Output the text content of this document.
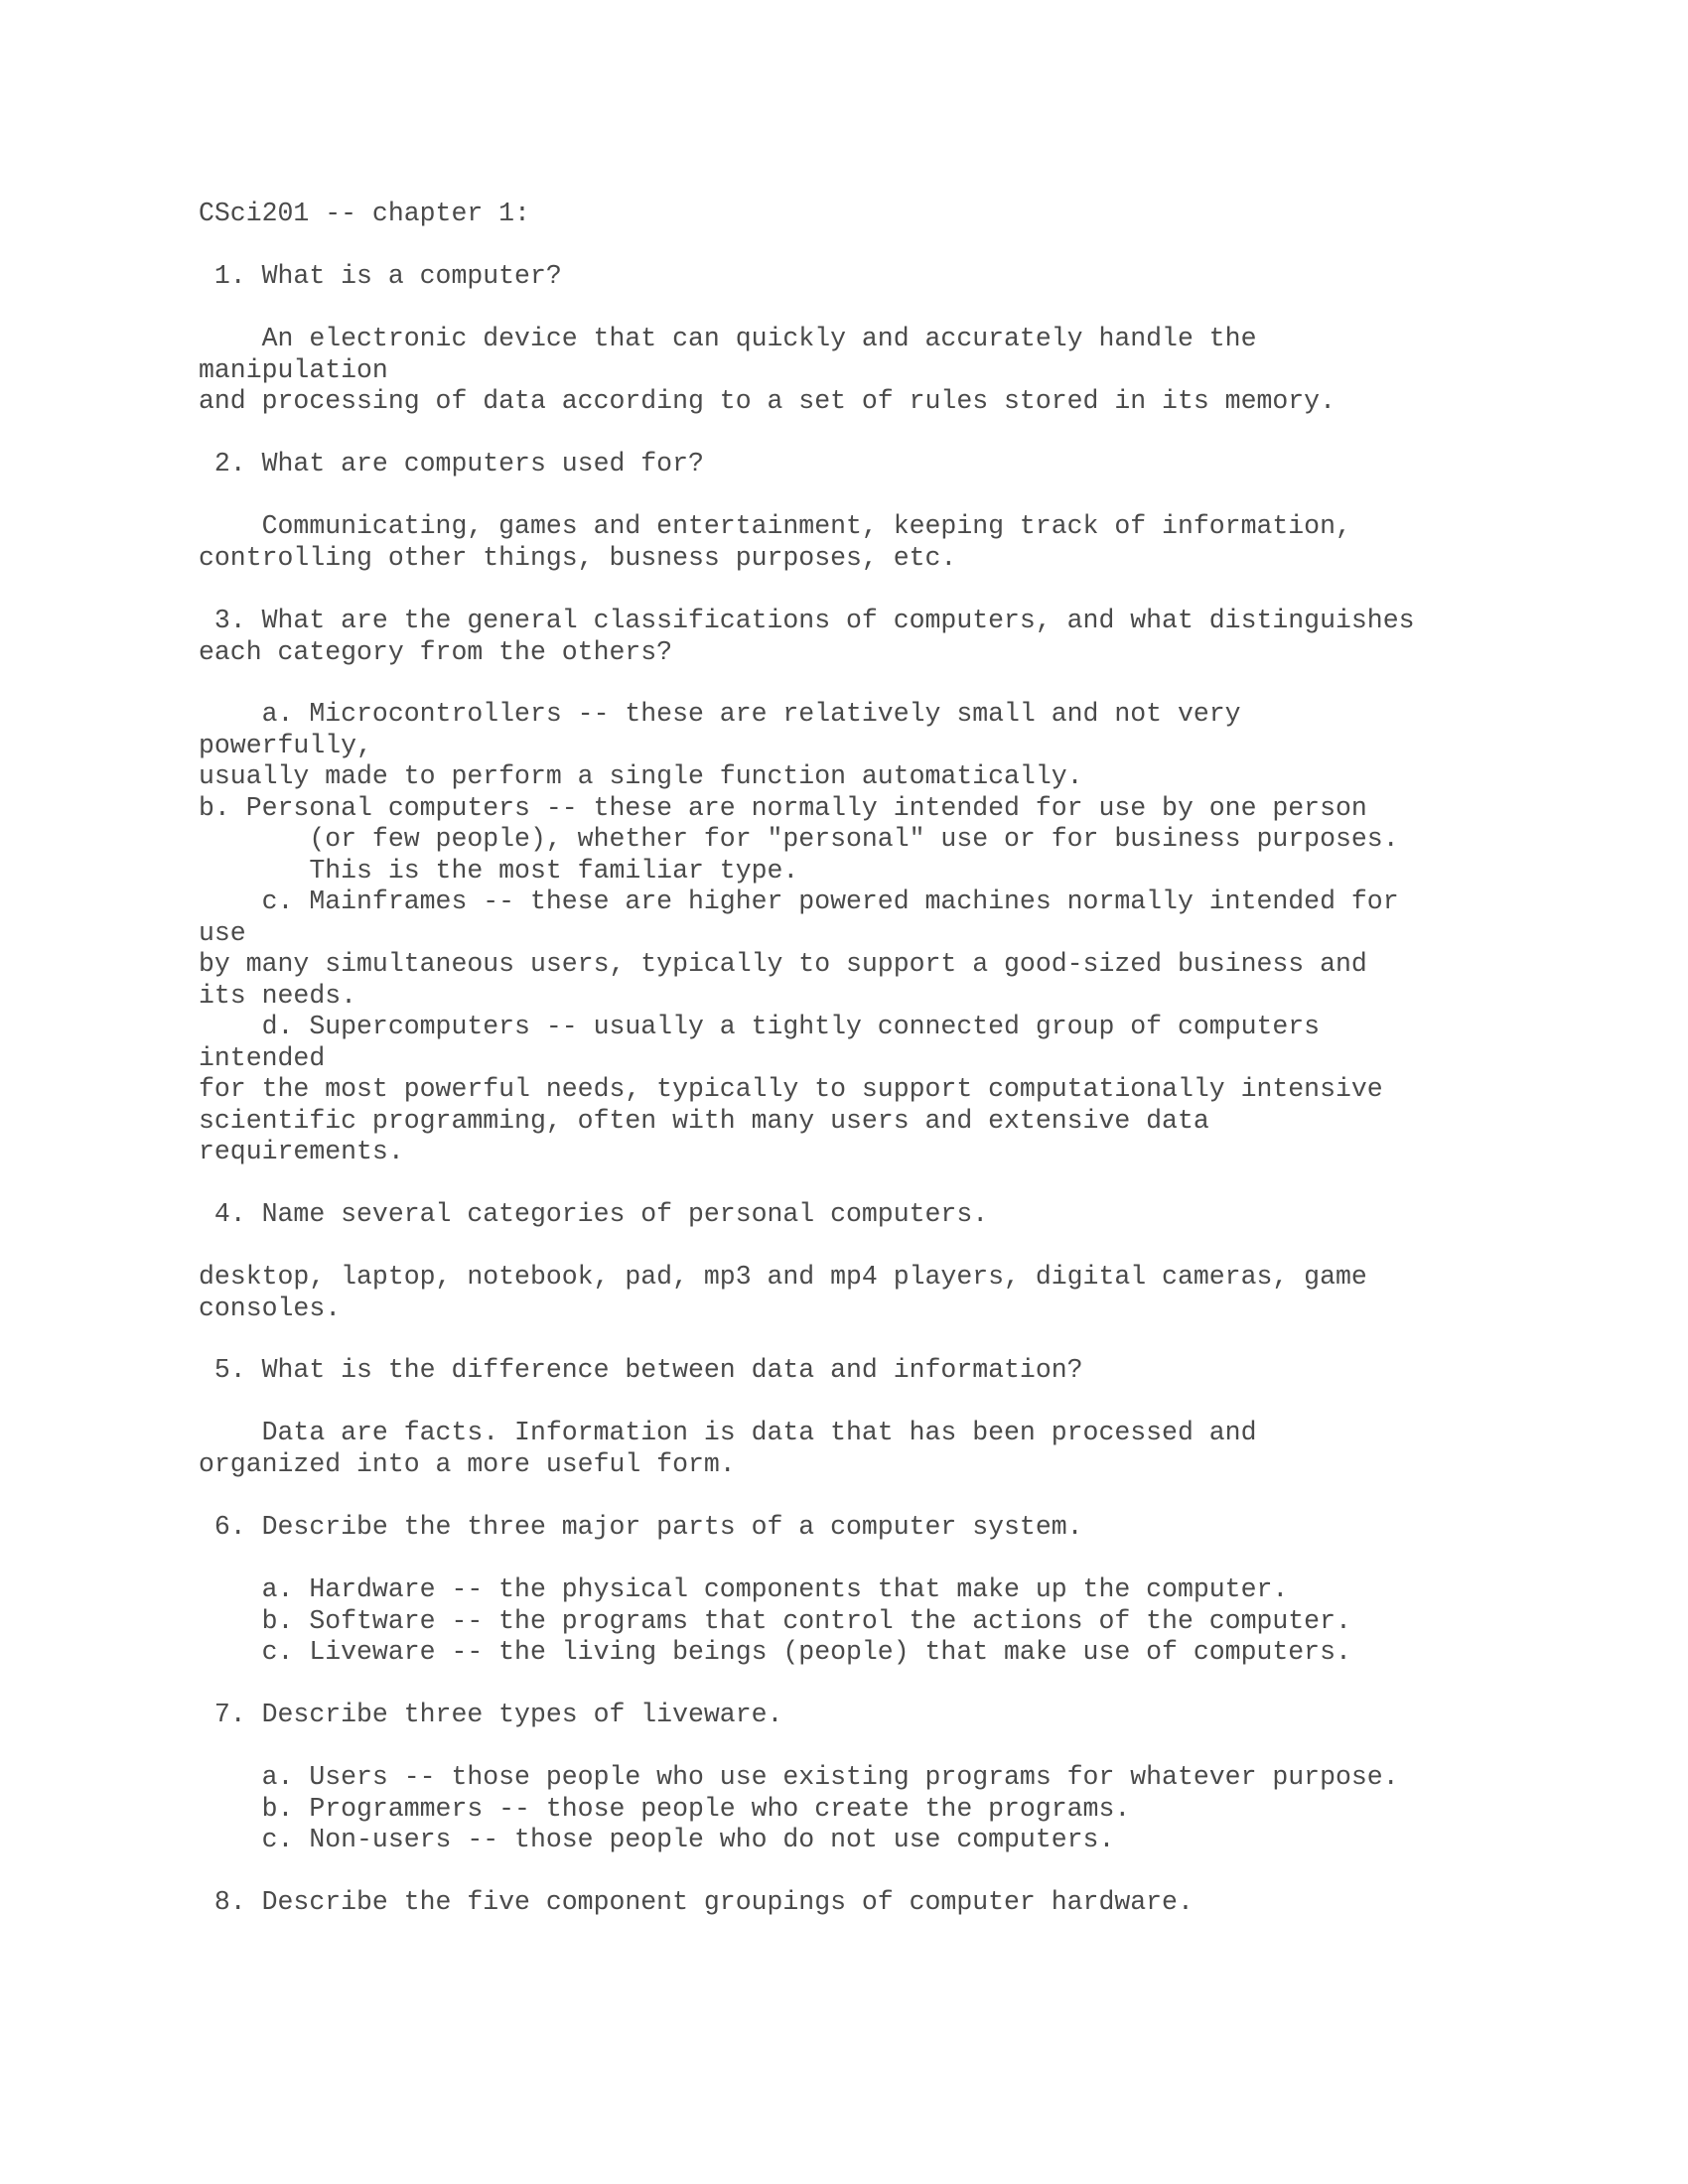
CSci201 -- chapter 1:
1. What is a computer?
An electronic device that can quickly and accurately handle the
manipulation
and processing of data according to a set of rules stored in its memory.
2. What are computers used for?
Communicating, games and entertainment, keeping track of information,
controlling other things, busness purposes, etc.
3. What are the general classifications of computers, and what distinguishes
each category from the others?
a. Microcontrollers -- these are relatively small and not very
powerfully,
usually made to perform a single function automatically.
b. Personal computers -- these are normally intended for use by one person
(or few people), whether for "personal" use or for business purposes.
This is the most familiar type.
c. Mainframes -- these are higher powered machines normally intended for
use
by many simultaneous users, typically to support a good-sized business and
its needs.
d. Supercomputers -- usually a tightly connected group of computers
intended
for the most powerful needs, typically to support computationally intensive
scientific programming, often with many users and extensive data
requirements.
4. Name several categories of personal computers.
desktop, laptop, notebook, pad, mp3 and mp4 players, digital cameras, game
consoles.
5. What is the difference between data and information?
Data are facts. Information is data that has been processed and
organized into a more useful form.
6. Describe the three major parts of a computer system.
a. Hardware -- the physical components that make up the computer.
b. Software -- the programs that control the actions of the computer.
c. Liveware -- the living beings (people) that make use of computers.
7. Describe three types of liveware.
a. Users -- those people who use existing programs for whatever purpose.
b. Programmers -- those people who create the programs.
c. Non-users -- those people who do not use computers.
8. Describe the five component groupings of computer hardware.
